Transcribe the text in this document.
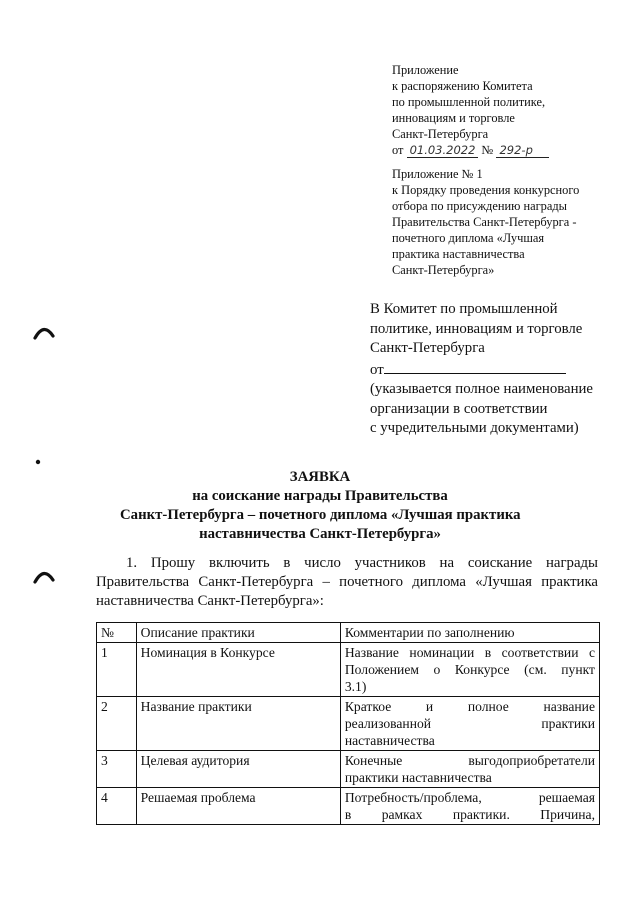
Приложение
к распоряжению Комитета
по промышленной политике,
инновациям и торговле
Санкт-Петербурга
от 01.03.2022 № 292-р
Приложение № 1
к Порядку проведения конкурсного
отбора по присуждению награды
Правительства Санкт-Петербурга -
почетного диплома «Лучшая
практика наставничества
Санкт-Петербурга»
В Комитет по промышленной
политике, инновациям и торговле
Санкт-Петербурга
от
(указывается полное наименование
организации в соответствии
с учредительными документами)
ЗАЯВКА
на соискание награды Правительства
Санкт-Петербурга – почетного диплома «Лучшая практика
наставничества Санкт-Петербурга»
1. Прошу включить в число участников на соискание награды
Правительства Санкт-Петербурга – почетного диплома «Лучшая практика
наставничества Санкт-Петербурга»:
№	Описание практики	Комментарии по заполнению
1	Номинация в Конкурсе	Название номинации в соответствии с
Положением о Конкурсе (см. пункт
3.1)

2	Название практики	Краткое и полное название
реализованной практики
наставничества

3	Целевая аудитория	Конечные выгодоприобретатели
практики наставничества

4	Решаемая проблема	Потребность/проблема, решаемая
в рамках практики. Причина,
